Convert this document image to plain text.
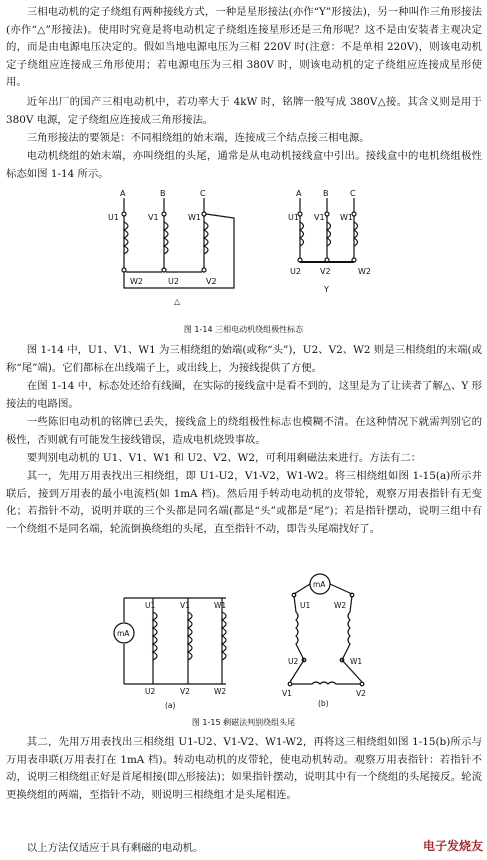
三相电动机的定子绕组有两种接线方式，一种是星形接法(亦作“Y”形接法)，另一种叫作三角形接法(亦作“△”形接法)。使用时究竟是将电动机定子绕组连接星形还是三角形呢？这不是由安装者主观决定的，而是由电源电压决定的。假如当地电源电压为三相 220V 时(注意：不是单相 220V)，则该电动机定子绕组应连接成三角形使用；若电源电压为三相 380V 时，则该电动机的定子绕组应连接成星形使用。

近年出厂的国产三相电动机中，若功率大于 4kW 时，铭牌一般写成 380V△接。其含义则是用于 380V 电源，定子绕组应连接成三角形接法。

三角形接法的要领是：不同相绕组的始末端，连接成三个结点接三相电源。

电动机绕组的始末端，亦叫绕组的头尾，通常是从电动机接线盒中引出。接线盒中的电机绕组极性标态如图 1-14 所示。

A	B	C
U1	V1	W1
W2	U2	V2
△
A	B	C
U1 V1 W1
U2 V2	W2
Y
图 1-14 三相电动机绕组极性标态

图 1-14 中，U1、V1、W1 为三相绕组的始端(或称“头”)，U2、V2、W2 则是三相绕组的末端(或称“尾”端)。它们都标在出线端子上，或出线上，为接线提供了方便。

在图 1-14 中，标态处还给有线圈，在实际的接线盒中是看不到的，这里是为了让读者了解△、Y 形接法的电路图。

一些陈旧电动机的铭牌已丢失，接线盒上的绕组极性标志也模糊不清。在这种情况下就需判别它的极性，否则就有可能发生接线错误，造成电机烧毁事故。

要判别电动机的 U1、V1、W1 和 U2、V2、W2，可利用剩磁法来进行。方法有二：

其一，先用万用表找出三相绕组，即 U1-U2，V1-V2，W1-W2。将三相绕组如图 1-15(a)所示并联后，接到万用表的最小电流档(如 1mA 档)。然后用手转动电动机的皮带轮，观察万用表指针有无变化；若指针不动，说明并联的三个头都是同名端(都是“头”或都是“尾”)；若是指针摆动，说明三组中有一个绕组不是同名端，轮流倒换绕组的头尾，直至指针不动，即告头尾端找好了。

mA
mA
U1	V1	W1
U2	V2	W2
(a)
U1	W2
U2	W1
V1	V2
(b)
图 1-15 剩磁法判别绕组头尾

其二，先用万用表找出三相绕组 U1-U2、V1-V2、W1-W2，再将这三相绕组如图 1-15(b)所示与万用表串联(万用表打在 1mA 档)。转动电动机的皮带轮，使电动机转动。观察万用表指针：若指针不动，说明三相绕组正好是首尾相接(即△形接法)；如果指针摆动，说明其中有一个绕组的头尾接反。轮流更换绕组的两端，至指针不动，则说明三相绕组才是头尾相连。

以上方法仅适应于具有剩磁的电动机。	电子发烧友
